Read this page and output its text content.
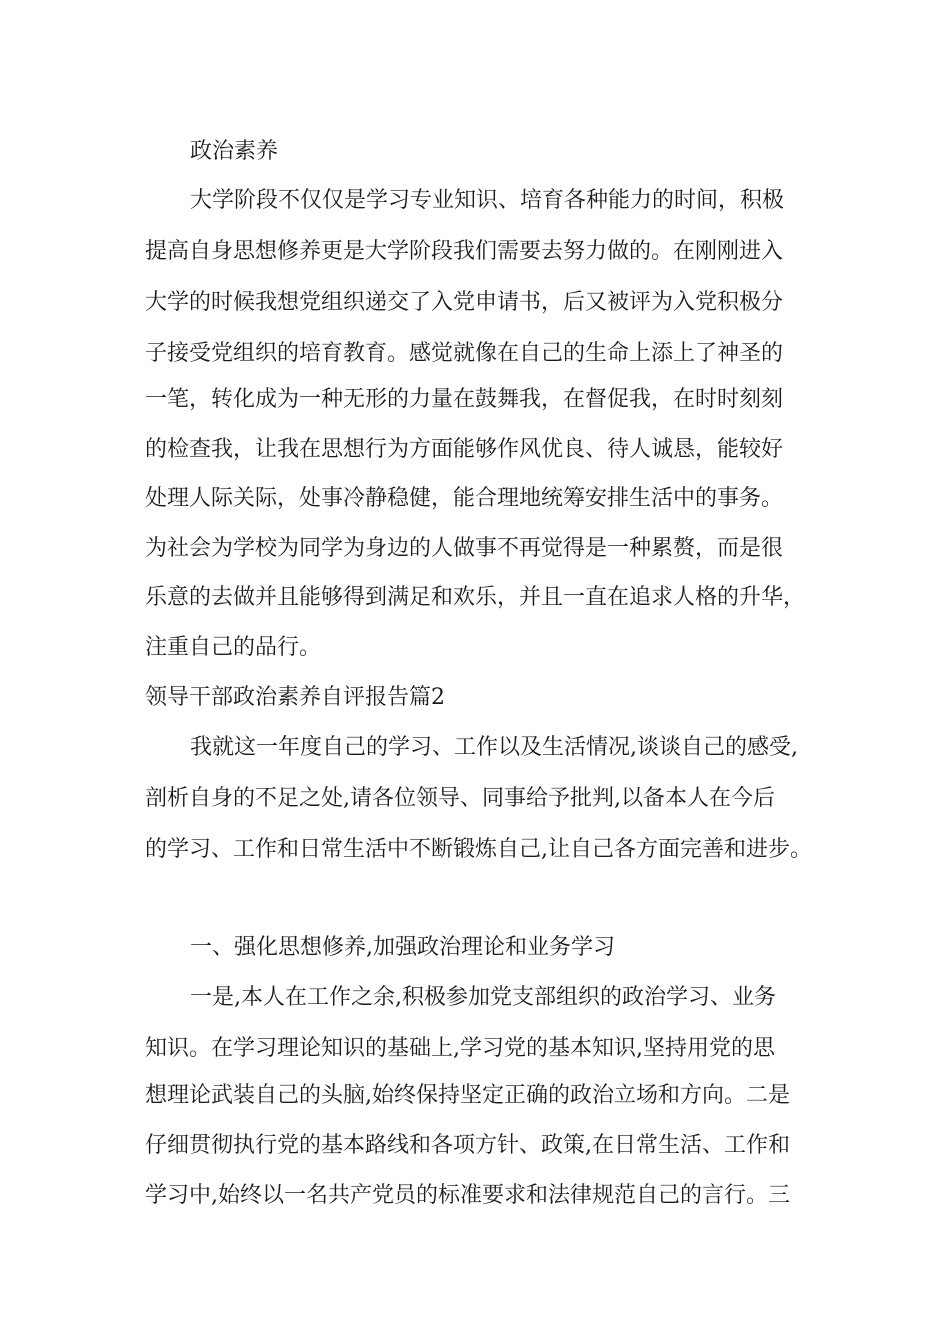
政治素养

大学阶段不仅仅是学习专业知识、培育各种能力的时间，积极

提高自身思想修养更是大学阶段我们需要去努力做的。在刚刚进入

大学的时候我想党组织递交了入党申请书，后又被评为入党积极分

子接受党组织的培育教育。感觉就像在自己的生命上添上了神圣的

一笔，转化成为一种无形的力量在鼓舞我，在督促我，在时时刻刻

的检查我，让我在思想行为方面能够作风优良、待人诚恳，能较好

处理人际关际，处事冷静稳健，能合理地统筹安排生活中的事务。

为社会为学校为同学为身边的人做事不再觉得是一种累赘，而是很

乐意的去做并且能够得到满足和欢乐，并且一直在追求人格的升华，

注重自己的品行。

领导干部政治素养自评报告篇2

我就这一年度自己的学习、工作以及生活情况,谈谈自己的感受,

剖析自身的不足之处,请各位领导、同事给予批判,以备本人在今后

的学习、工作和日常生活中不断锻炼自己,让自己各方面完善和进步。

一、强化思想修养,加强政治理论和业务学习

一是,本人在工作之余,积极参加党支部组织的政治学习、业务

知识。在学习理论知识的基础上,学习党的基本知识,坚持用党的思

想理论武装自己的头脑,始终保持坚定正确的政治立场和方向。二是

仔细贯彻执行党的基本路线和各项方针、政策,在日常生活、工作和

学习中,始终以一名共产党员的标准要求和法律规范自己的言行。三
